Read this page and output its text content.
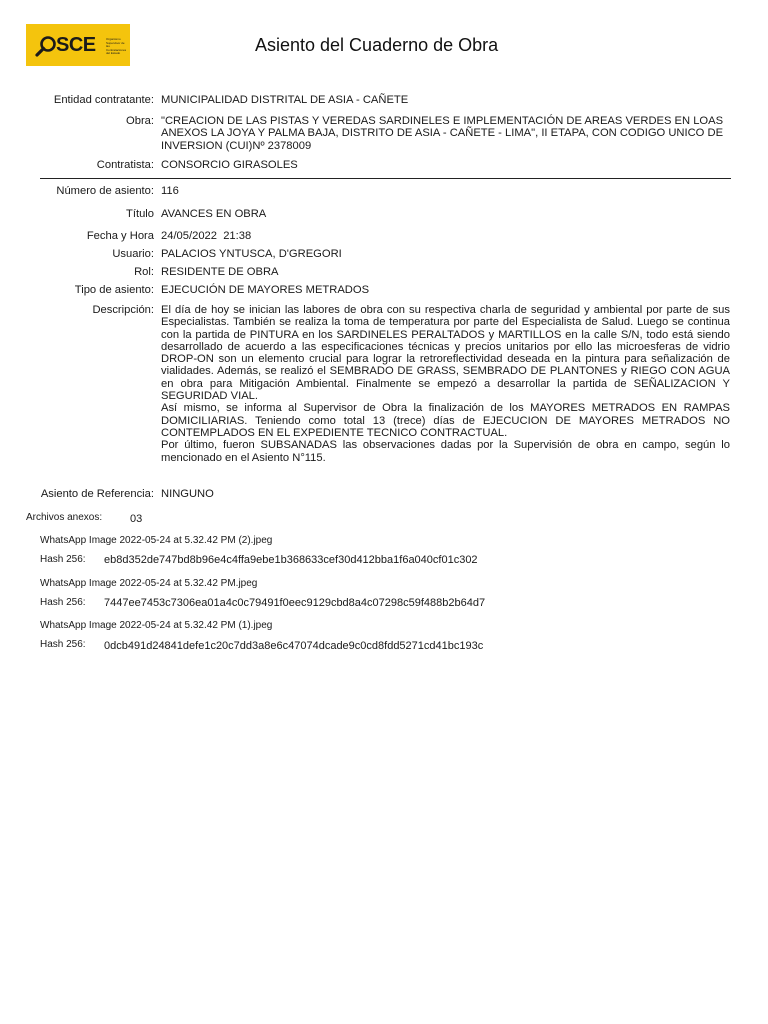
SCE	Organismo Supervisor de las Contrataciones del Estado	Asiento del Cuaderno de Obra
Entidad contratante: MUNICIPALIDAD DISTRITAL DE ASIA - CAÑETE
Obra: "CREACION DE LAS PISTAS Y VEREDAS SARDINELES E IMPLEMENTACIÓN DE AREAS VERDES EN LOAS ANEXOS LA JOYA Y PALMA BAJA, DISTRITO DE ASIA - CAÑETE - LIMA", II ETAPA, CON CODIGO UNICO DE INVERSION (CUI)Nº 2378009
Contratista: CONSORCIO GIRASOLES
Número de asiento: 116
Título AVANCES EN OBRA
Fecha y Hora 24/05/2022  21:38
Usuario: PALACIOS YNTUSCA, D'GREGORI
Rol: RESIDENTE DE OBRA
Tipo de asiento: EJECUCIÓN DE MAYORES METRADOS
Descripción: El día de hoy se inician las labores de obra con su respectiva charla de seguridad y ambiental por parte de sus Especialistas. También se realiza la toma de temperatura por parte del Especialista de Salud. Luego se continua con la partida de PINTURA en los SARDINELES PERALTADOS y MARTILLOS en la calle S/N, todo está siendo desarrollado de acuerdo a las especificaciones técnicas y precios unitarios por ello las microesferas de vidrio DROP-ON son un elemento crucial para lograr la retroreflectividad deseada en la pintura para señalización de vialidades. Además, se realizó el SEMBRADO DE GRASS, SEMBRADO DE PLANTONES y RIEGO CON AGUA en obra para Mitigación Ambiental. Finalmente se empezó a desarrollar la partida de SEÑALIZACION Y SEGURIDAD VIAL.
Así mismo, se informa al Supervisor de Obra la finalización de los MAYORES METRADOS EN RAMPAS DOMICILIARIAS. Teniendo como total 13 (trece) días de EJECUCION DE MAYORES METRADOS NO CONTEMPLADOS EN EL EXPEDIENTE TECNICO CONTRACTUAL.
Por último, fueron SUBSANADAS las observaciones dadas por la Supervisión de obra en campo, según lo mencionado en el Asiento N°115.
Asiento de Referencia: NINGUNO
Archivos anexos:	03
WhatsApp Image 2022-05-24 at 5.32.42 PM (2).jpeg
Hash 256: eb8d352de747bd8b96e4c4ffa9ebe1b368633cef30d412bba1f6a040cf01c302
WhatsApp Image 2022-05-24 at 5.32.42 PM.jpeg
Hash 256: 7447ee7453c7306ea01a4c0c79491f0eec9129cbd8a4c07298c59f488b2b64d7
WhatsApp Image 2022-05-24 at 5.32.42 PM (1).jpeg
Hash 256: 0dcb491d24841defe1c20c7dd3a8e6c47074dcade9c0cd8fdd5271cd41bc193c
